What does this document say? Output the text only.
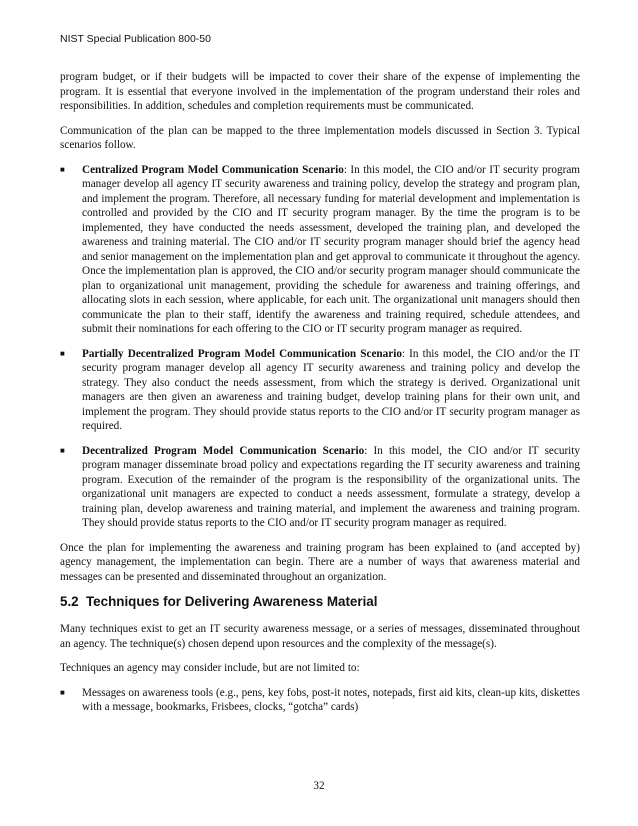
NIST Special Publication 800-50

program budget, or if their budgets will be impacted to cover their share of the expense of implementing the program. It is essential that everyone involved in the implementation of the program understand their roles and responsibilities. In addition, schedules and completion requirements must be communicated.

Communication of the plan can be mapped to the three implementation models discussed in Section 3. Typical scenarios follow.

■	Centralized Program Model Communication Scenario: In this model, the CIO and/or IT security program manager develop all agency IT security awareness and training policy, develop the strategy and program plan, and implement the program. Therefore, all necessary funding for material development and implementation is controlled and provided by the CIO and IT security program manager. By the time the program is to be implemented, they have conducted the needs assessment, developed the training plan, and developed the awareness and training material. The CIO and/or IT security program manager should brief the agency head and senior management on the implementation plan and get approval to communicate it throughout the agency. Once the implementation plan is approved, the CIO and/or security program manager should communicate the plan to organizational unit management, providing the schedule for awareness and training offerings, and allocating slots in each session, where applicable, for each unit. The organizational unit managers should then communicate the plan to their staff, identify the awareness and training required, schedule attendees, and submit their nominations for each offering to the CIO or IT security program manager as required.
■	Partially Decentralized Program Model Communication Scenario: In this model, the CIO and/or the IT security program manager develop all agency IT security awareness and training policy and develop the strategy. They also conduct the needs assessment, from which the strategy is derived. Organizational unit managers are then given an awareness and training budget, develop training plans for their own unit, and implement the program. They should provide status reports to the CIO and/or IT security program manager as required.
■	Decentralized Program Model Communication Scenario: In this model, the CIO and/or IT security program manager disseminate broad policy and expectations regarding the IT security awareness and training program. Execution of the remainder of the program is the responsibility of the organizational units. The organizational unit managers are expected to conduct a needs assessment, formulate a strategy, develop a training plan, develop awareness and training material, and implement the awareness and training program. They should provide status reports to the CIO and/or IT security program manager as required.

Once the plan for implementing the awareness and training program has been explained to (and accepted by) agency management, the implementation can begin. There are a number of ways that awareness material and messages can be presented and disseminated throughout an organization.

5.2 Techniques for Delivering Awareness Material

Many techniques exist to get an IT security awareness message, or a series of messages, disseminated throughout an agency. The technique(s) chosen depend upon resources and the complexity of the message(s).

Techniques an agency may consider include, but are not limited to:

■	Messages on awareness tools (e.g., pens, key fobs, post-it notes, notepads, first aid kits, clean-up kits, diskettes with a message, bookmarks, Frisbees, clocks, “gotcha” cards)
32
